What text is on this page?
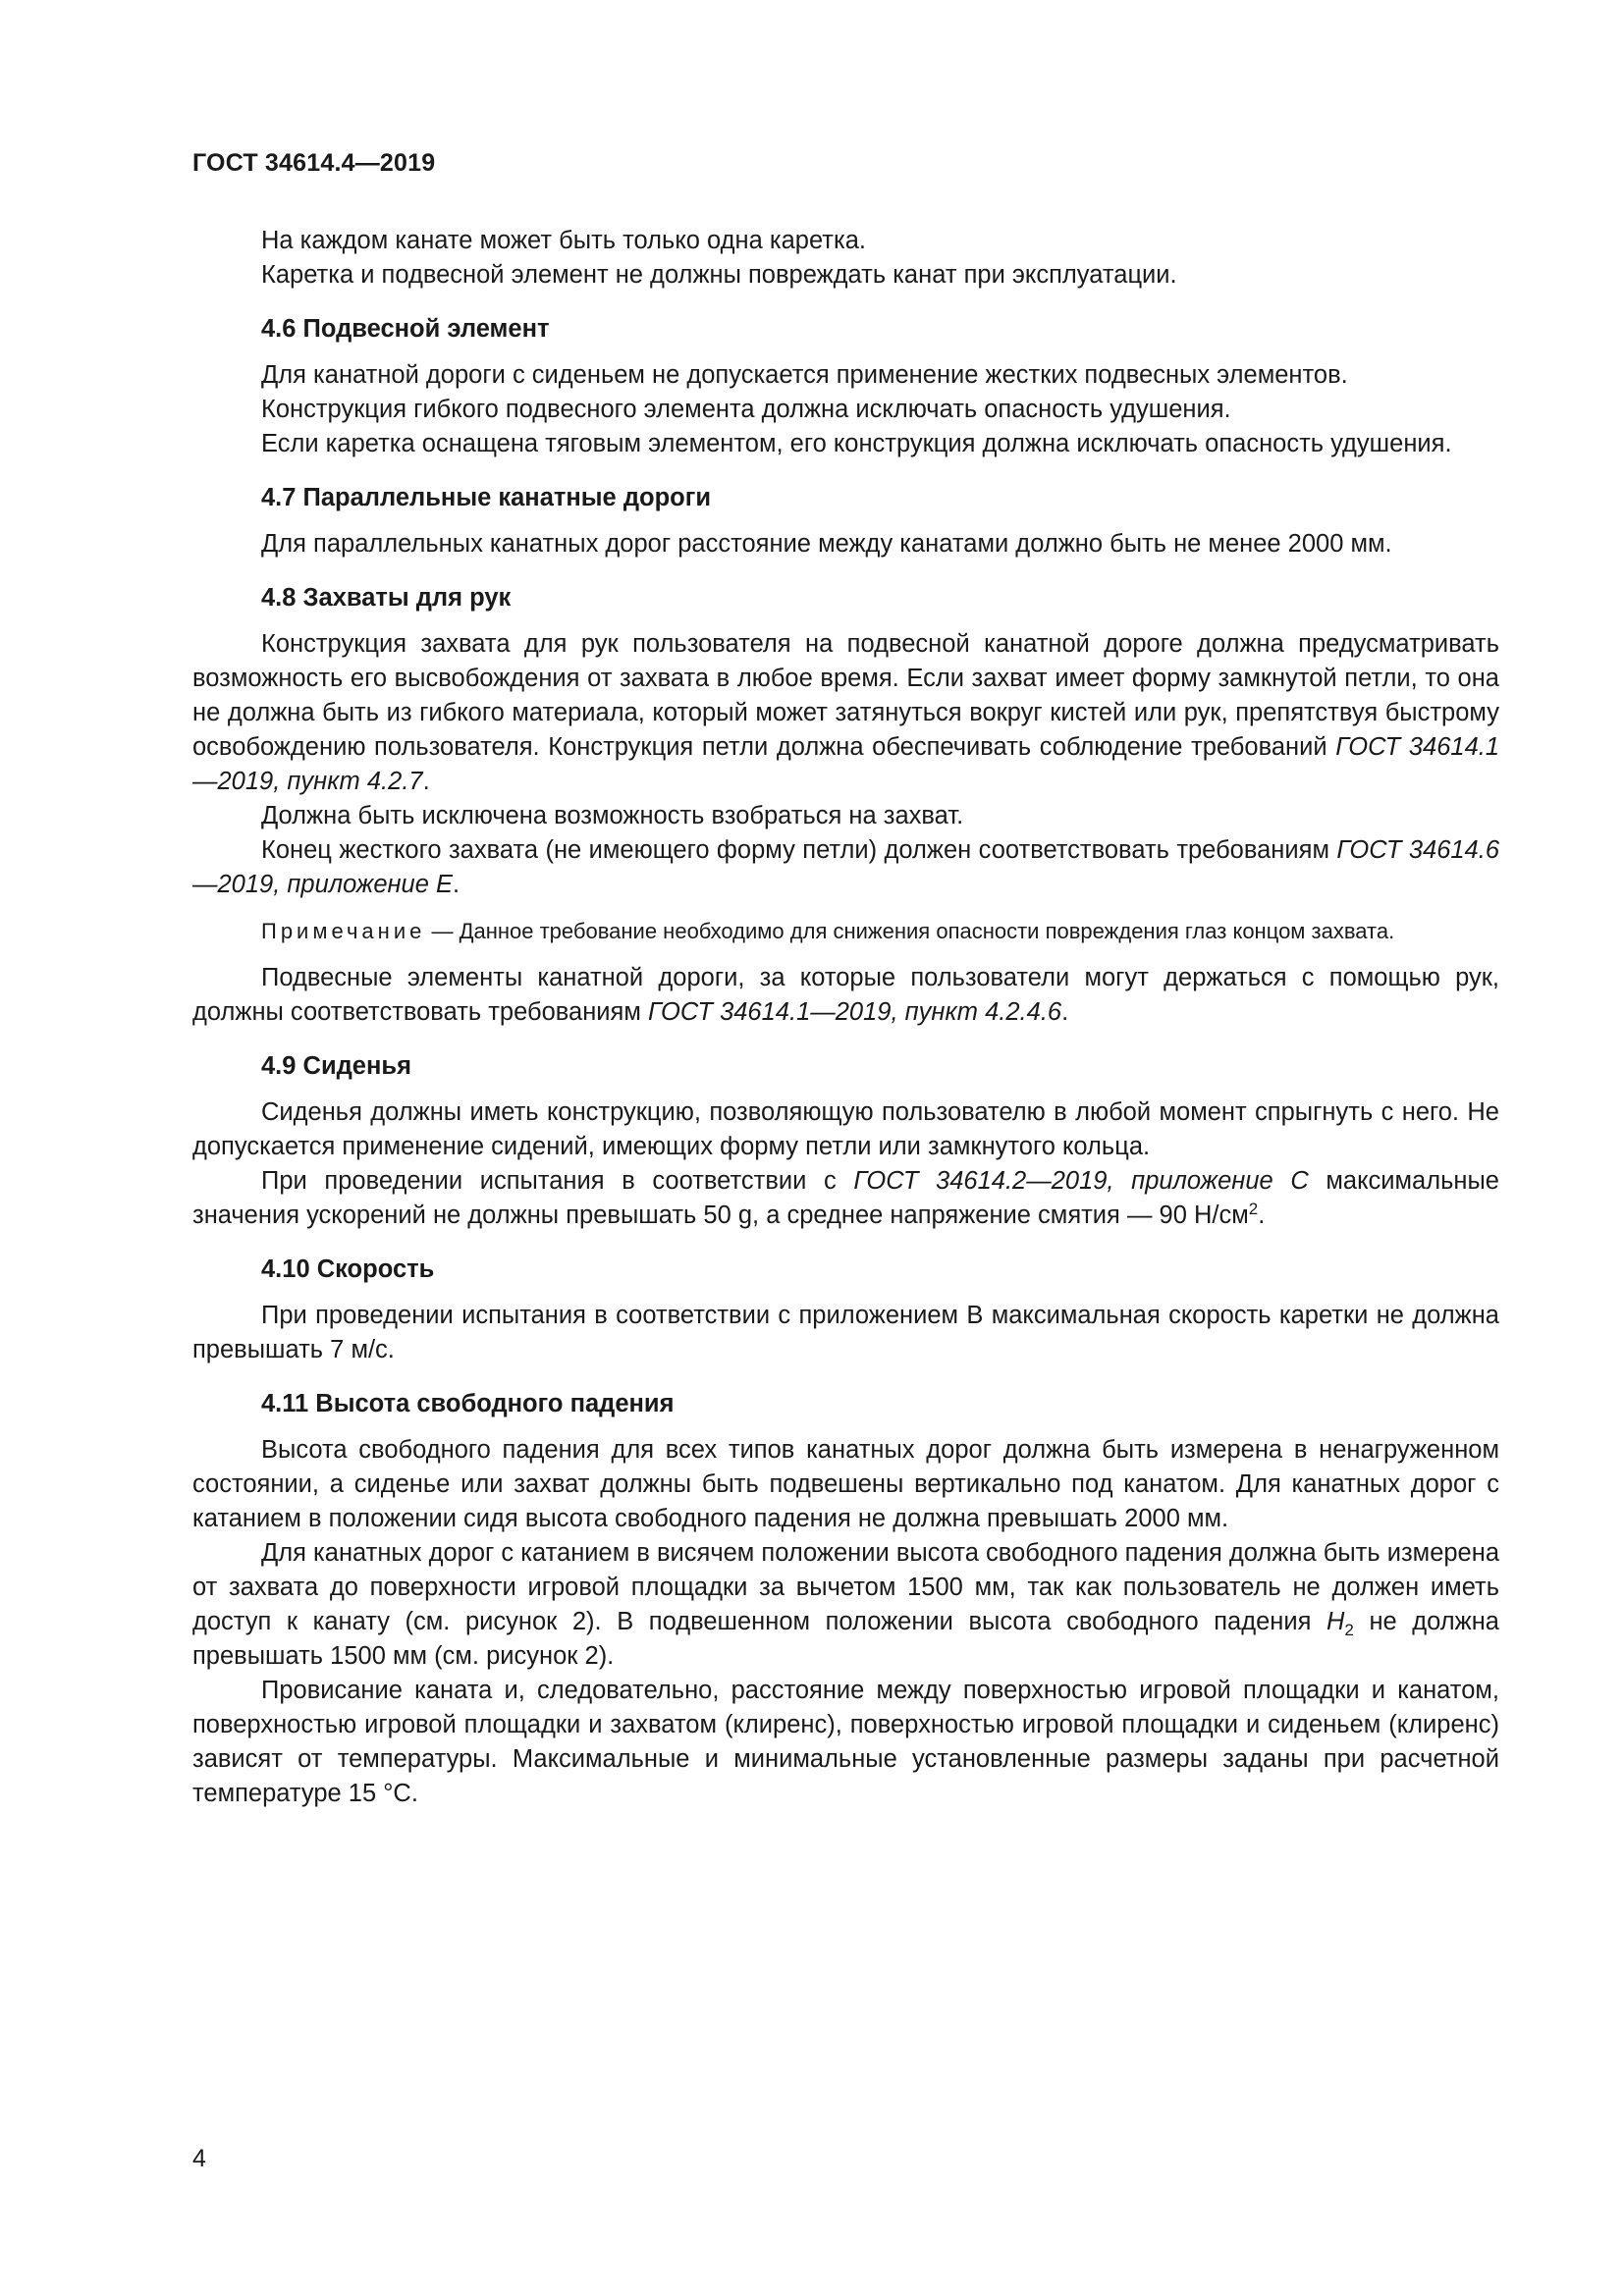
ГОСТ 34614.4—2019

На каждом канате может быть только одна каретка.

Каретка и подвесной элемент не должны повреждать канат при эксплуатации.

4.6 Подвесной элемент

Для канатной дороги с сиденьем не допускается применение жестких подвесных элементов.

Конструкция гибкого подвесного элемента должна исключать опасность удушения.

Если каретка оснащена тяговым элементом, его конструкция должна исключать опасность удушения.

4.7 Параллельные канатные дороги

Для параллельных канатных дорог расстояние между канатами должно быть не менее 2000 мм.

4.8 Захваты для рук

Конструкция захвата для рук пользователя на подвесной канатной дороге должна предусматривать возможность его высвобождения от захвата в любое время. Если захват имеет форму замкнутой петли, то она не должна быть из гибкого материала, который может затянуться вокруг кистей или рук, препятствуя быстрому освобождению пользователя. Конструкция петли должна обеспечивать соблюдение требований ГОСТ 34614.1—2019, пункт 4.2.7.

Должна быть исключена возможность взобраться на захват.

Конец жесткого захвата (не имеющего форму петли) должен соответствовать требованиям ГОСТ 34614.6—2019, приложение Е.

Примечание — Данное требование необходимо для снижения опасности повреждения глаз концом захвата.

Подвесные элементы канатной дороги, за которые пользователи могут держаться с помощью рук, должны соответствовать требованиям ГОСТ 34614.1—2019, пункт 4.2.4.6.

4.9 Сиденья

Сиденья должны иметь конструкцию, позволяющую пользователю в любой момент спрыгнуть с него. Не допускается применение сидений, имеющих форму петли или замкнутого кольца.

При проведении испытания в соответствии с ГОСТ 34614.2—2019, приложение С максимальные значения ускорений не должны превышать 50 g, а среднее напряжение смятия — 90 $Н/см^2$.

4.10 Скорость

При проведении испытания в соответствии с приложением В максимальная скорость каретки не должна превышать 7 м/с.

4.11 Высота свободного падения

Высота свободного падения для всех типов канатных дорог должна быть измерена в ненагруженном состоянии, а сиденье или захват должны быть подвешены вертикально под канатом. Для канатных дорог с катанием в положении сидя высота свободного падения не должна превышать 2000 мм.

Для канатных дорог с катанием в висячем положении высота свободного падения должна быть измерена от захвата до поверхности игровой площадки за вычетом 1500 мм, так как пользователь не должен иметь доступ к канату (см. рисунок 2). В подвешенном положении высота свободного падения $H_2$ не должна превышать 1500 мм (см. рисунок 2).

Провисание каната и, следовательно, расстояние между поверхностью игровой площадки и канатом, поверхностью игровой площадки и захватом (клиренс), поверхностью игровой площадки и сиденьем (клиренс) зависят от температуры. Максимальные и минимальные установленные размеры заданы при расчетной температуре 15 °С.

4
